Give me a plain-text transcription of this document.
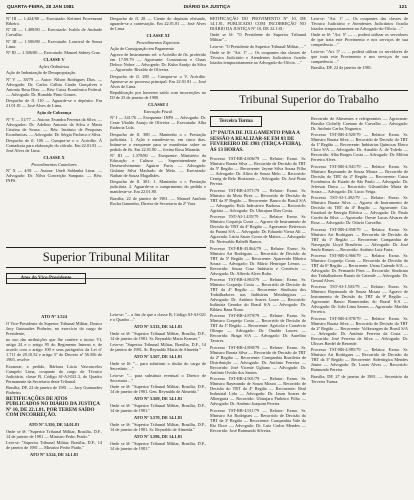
QUARTA-FEIRA, 28 JAN 1981	DIÁRIO DA JUSTIÇA	121
Nº III — 1.424/80 — Executado: Keiimei Provenzani Ribeiro.
Nº III — 1.488/80 — Executado: Ivaldo de Andrade Carvalho.
Nº III — 1.506/80 — Executado: Lourival de Sousa Lima.
Nº III — 1.306/80 — Executado: Manoel Sidney Cruz.
CLASSE V
Ações Ordinárias
Ação de Indenização de Desapropriação.
Nº V — 38/79 — Autor: Nilson Rodrigues Dias. — Advogado: Dr. Carlos Calbin Ciarão Gonçalves e Antonio Rosa Dias. — Réu: Caixa Econômica Federal. — Advogado: Dr. Ronaldo Pinto Gomes.
Despacho de fl. 110 — Aguarde-se o depósito. Em 21.01.81 — José Alves de Lima.
Ação de Cobrança
Nº V — 51/77 — Autora: Evandra Ferreira da Silva. — Advogados: Dr. Adelino Antonio da Silva e Maria Cristina de Sousa. — Réu: Instituto de Pesquisas Econômicas. — Advogado: Dr. Sérgio Pacheco e Silva.
Despacho de fl. 106 — Cumpra-se o v. Acórdão. À Contadoria para elaboração do cálculo. Em 22.01.81 — José Alves de Lima.
CLASSE X
Procedimentos Cautelares
Nº X — 4/81 — Autora: Unefi Saldanha Lima. — Advogado: Dr. Nilva Conceição Sampaio. — Réu: INPS.
Despacho de fl. 28 — Ciente do depósito efetuado, aguarde-se a contestação. Em 22.01.81 — José Alves de Lima.
CLASSE XI
Procedimentos Especiais
Ação de Consignação em Pagamento
Agravo de Instrumento ref. a Acórdão de fls. proferido em 17.09.79 — Agravante: Construtora e Chaas Deloco Nobre — Advogado: Dr. Kuhn Araújo da Silva — Agravado: Rivaldo de Oliveira.
Despacho de fl. 280 — Cumpra-se o V. Acórdão. Apense-se ao processo principal. Em 22.01.81 — José Alves de Lima.
Republicação por haverem saído com incorreções no DJ de 23 de janeiro de 1980.
CLASSE I
Execução Fiscal
Nº I — 341/76 — Exequente: INPS — Advogado: Dr. Cesar Ubaldo Araujo de Oliveira — Executada: Alba Estância Ltda.
Despacho de fl. 380 — Mantenho o r. Prestação judiciária. 1. Ação e manifeste-se, em cinco dias. Intime-se o exequente para se manifestar sobre ao pedido de fls. Em 22.01.80 — Jovina Rosa Miranda.
Nº III — 1.378/80 — Exequente: Ministério da Educação e Cultura — Superintendente de Desenvolvimento: Aguirre Faria. — Advogado: Gislaine Silva Machado de Melo. — Executado: Nathan de Souza Magalhães.
Despacho de fl. 381: 1. Mantenho o r. Prestação judiciária. 2. Aguarde-se o cumprimento do pedido e manifeste-se. Em 22.01.80.
Brasília, 22 de janeiro de 1981. — Manoel Antônio Rocha Gamenbo, Diretor de Secretaria da 2ª Vara.
RETIFICAÇÃO DO PROVIMENTO Nº 10, DE 14.1.81, PUBLICADO COM INCORREÇÃO NO DIÁRIO DA JUSTIÇA Nº 10, DE 22.1.81:
Onde se lê: "O Presidente do Superior Tribunal Militar"...
Leia-se: "O Presidente do Superior Tribunal Militar, ..."
Onde se lê: "Art. 1º — Os ocupantes das classes de Técnico Judiciário e Atendentes Judiciários ficarão lotados temporariamente no Advogado-do-Oficio. ..."
Leia-se: "Art. 1º — Os ocupantes das classes de Técnico Judiciário e Atendentes Judiciários ficarão lotados temporariamente no Advogado-do-Oficio. ..."
Onde se lê: "Art. 5º — ... poderá utilizar os servidores de que trata este Provimento e nos serviços de sua competência ..."
Leia-se: "Art. 5º — ... poderá utilizar os servidores de que trata este Provimento e nos serviços de sua competência ..."
Brasília, DF, 22 de janeiro de 1981.
Superior Tribunal Militar
Atos do Vice-Presidente
ATO Nº 3.524
O Vice-Presidente do Superior Tribunal Militar, Doutor Jacy Guimarães Pinheiro, no exercício do cargo de Presidente,
no uso das atribuições que lhe confere o inciso VI, artigo 24 e o artigo 95 do Regimento Interno e, de acordo com o artigo 100 e seus parágrafos da Lei nº 1.711 de 28.10.52 e artigo 5º do Decreto nº 56.506 de 1965, resolve:
Exonerar, a pedido, Bárbara Lúcia Vasconcelos Campelo Lima, ocupante do cargo de Técnico Judiciário, classe B, Código SJ-AJ-021.3, do Quadro Permanente da Secretaria deste Tribunal.
Brasília, DF, 22 de janeiro de 1981. — Jacy Guimarães Pinheiro.
RETIFICAÇÕES DE ATOS PUBLICADOS NO DIÁRIO DA JUSTIÇA Nº 10, DE 22.1.81, POR TEREM SAÍDO COM INCORREÇÃO.
ATO Nº 3.350, DE 14.01.81
Onde se lê: "Superior Tribunal Militar, Brasília, D.F., 14 de janeiro de 1981 — Ministro Pedro Prado."
Leia-se: "Superior Tribunal Militar, Brasília, D.F., 14 de janeiro de 1981 — Ministro Pedro Prado."
ATO Nº 3.524, DE 14.1.81
Leia-se: "... a fim de que a classe B, Código SJ-AJ-021 e o Quadro ..."
ATO Nº 3.533, DE 14.1.81
Onde se lê: "Superior Tribunal Militar, Brasília, D.F., 14 de janeiro de 1981. Sr. Reynaldo Maria Kramer."
Leia-se: "Superior Tribunal Militar, Brasília, D.F., 14 de janeiro de 1981. Sr. Reynaldo Maria de Almeida."
ATO Nº 3.567, DE 14.1.81
Onde se lê: "... para substituir o titular do cargo de Secretário ..."
Leia-se: "... para substituir eventual o Diretor de Secretaria ..."
Onde se lê: "Superior Tribunal Militar, Brasília, D.F., 14 de janeiro de 1981. Gen. Reynaldo de Almeida."
ATO Nº 3.569, DE 14.1.81
Onde se lê: "Superior Tribunal Militar, Brasília, D.F., 14 de janeiro de 1981."
ATO Nº 3.570, DE 14.1.81
Onde se lê: "Superior Tribunal Militar, Brasília, D.F., 14 de janeiro de 1981. Sr. Reynaldo de Almeida."
ATO Nº 3.586, DE 14.1.81
Onde se lê: "Superior Tribunal Militar, Brasília, D.F., 14 de janeiro de 1981."
Tribunal Superior do Trabalho
Terceira Turma
17ª PAUTA DE JULGAMENTO PARA A SESSÃO A REALIZAR-SE EM 03 DE FEVEREIRO DE 1981 (TERÇA-FEIRA), ÀS 13 HORAS.
Processo TST-RR-4.606/79 — Relator: Exmo. Sr. Ministro Barata Silva — Recorrido de Decisão do TRT da 5ª Região — Recorrente: Jayme Silva Souza Filho — Advogado: Dr. Alírio de Souza Melo — Recorrido: Cemig de Belo Horizonte — Advogado: Dr. José Pinto Pereira.
Processo TST-RR-4.871/79 — Relator: Exmo. Sr. Ministro da Mota Pires — Recorrido de Decisão do TRT da 8ª Região — Recorrente: Banco do Brasil S/A — Advogado: Eulo Indicativo Barbosa — Recorrido: Agrária — Advogado: Dr. Ubirajara Dias Costa.
Processo TST-AI-1.435/79 — Relator: Exmo. Sr. Ministro Coqueijo Costa — Agravo de Instrumento de Decisão do TRT da 4ª Região — Agravante: Refrescos do Paraná S/A — Advogado: Dr. Eduardo Vieira Alt — Agravado: Lúcia Sauro Coroo de Mattos — Advogado: Dr. Neriwaldo Baltelli Ramos.
Processo TST-RR-43.864/79 — Relator: Exmo. Sr. Ministro Ari Rodrigues — Recorrido de Decisão do TRT da 5ª Região — Recorrente: Aparecido Ribeiro Souza — Advogado: Dr. Mário Henrique Lemos — Recorrido: Souza Cruz Indústria e Comércio — Advogado: Dr. Alfredo Alves Ruba.
Processo TST-RR-4.863/79 — Relator: Exmo. Sr. Ministro Coqueijo Costa — Recorrido de Decisão do TRT da 4ª Região — Recorrente: Sindicato dos Trabalhadores nas Indústrias Metalúrgicas — Advogado: Dr. Antônio Soares Loure — Recorrido: Indústria Gerador do Brasil S/A — Advogado: Dr. Rildaw Rana Nono.
Processo TST-RR-4.879/79 — Relator: Exmo. Sr. Ministro Coqueijo Costa — Recorrido de Decisão do TRT da 1ª Região — Recorrente: Agrícola e Comércio Olimpo — Advogado: Dr. Onaldo Loures — Recorrido: Braga S/A — Advogado: Dr. Aurelino Tavares.
Processo TST-RR-4.890/79 — Relator: Exmo. Sr. Ministro Barata Silva — Recorrido de Decisão do TRT da 2ª Região — Recorrente: Companhia Brasileira de Distribuição — Advogado: Dr. Antônio Ferreira — Recorrido: José Vicente Ugliano — Advogado: Dr. Antônio Ovídio dos Santos.
Processo TST-RR-4.901/79 — Relator: Exmo. Sr. Ministro Raymundo de Souza Moura — Recorrido de Decisão do TRT da 4ª Região — Recorrente: Real Industrial Ltda — Advogado: Dr. Jason Soares de Albergaria — Recorrido: Ubirajara Pinheiro Filho — Advogado: Dr. Antônio Joaquim Pereira.
Processo TST-RR-4.911/79 — Relator: Exmo. Sr. Ministro Ari Rodrigues — Recorrido de Decisão do TRT da 3ª Região — Recorrente: Companhia Vale do Rio Doce — Advogado: Dr. Luiz Carlos Mendes — Recorrido: José Raimundo Silveira.
Recorrido de Alimentos e refrigerantes — Agravante: Brasilia Cichelly Caetano de Carvalho — Advogado: Dr. Antônio Carlos Nogueira.
Processo TST-RR-4.920/79 — Relator: Exmo. Sr. Ministro Barata Silva — Recorrido de Decisão do TRT da 1ª Região — Recorrente: Indústrias Químicas Eletro Cloro S/A — Advogado: Dr. Arnaldo A. de Toledo — Recorrido: Alba Borges Costa — Advogado: Dr. Milton Ferreira Alves.
Processo TST-RR-4.941/79 — Relator: Exmo. Sr. Ministro Raymundo de Souza Moura — Recorrido de Decisão do TRT da 2ª Região — Recorrente: Caixa Econômica do Estado de São Paulo — Advogado: Dr. Jeferson Dutra — Recorrido: Gilvanildes Maria de Souza — Advogado: Dr. Lucio Veiga.
Processo TST-AI-1.492/79 — Relator: Exmo. Sr. Ministro Barata Silva — Agravo de Instrumento de Decisão do TRT da 4ª Região — Agravante: Cia. Estadual de Energia Elétrica — Advogado: Dr. Paulo Corrêa da Silva — Agravado: Oreste Lucas Alvarez de Rosa — Advogado: Dr. Otávio Carvalho.
Processo TST-RR-4.958/79 — Relator: Exmo. Sr. Ministro Ari Rodrigues — Recorrido de Decisão do TRT da 1ª Região — Recorrente: Companhia de Navegação Lloyd Brasileiro — Advogado: Dr. José Saulo Ramos — Recorrido: Antônio Luiz Faria.
Processo TST-RR-4.966/79 — Relator: Exmo. Sr. Ministro Coqueijo Costa — Recorrido de Decisão do TRT da 6ª Região — Recorrente: Usina Catende S/A — Advogado: Dr. Fernando Pires — Recorrido: Sindicato dos Trabalhadores Rurais de Catende — Advogado: Dr. Gesual Alves.
Processo TST-AI-1.503/79 — Relator: Exmo. Sr. Ministro Raymundo de Souza Moura — Agravo de Instrumento de Decisão do TRT da 9ª Região — Agravante: Banco Bamerindus do Brasil S/A — Advogado: Dr. João Lima Santos — Agravado: Marilda Ferreira.
Processo TST-RR-4.978/79 — Relator: Exmo. Sr. Ministro Barata Silva — Recorrido de Decisão do TRT da 2ª Região — Recorrente: Volkswagen do Brasil S/A — Advogado: Dr. Antônio Ferreira da Costa — Recorrido: José Ferreira da Silva — Advogado: Dr. Ulisses Riedel de Resende.
Processo TST-RR-4.985/79 — Relator: Exmo. Sr. Ministro Ari Rodrigues — Recorrido de Decisão do TRT da 3ª Região — Recorrente: Siderúrgica Mendes Júnior — Advogado: Dr. Lucas Alves — Recorrido: Raimundo Pereira.
Brasília, DF, 27 de janeiro de 1981. — Secretário da Terceira Turma.
